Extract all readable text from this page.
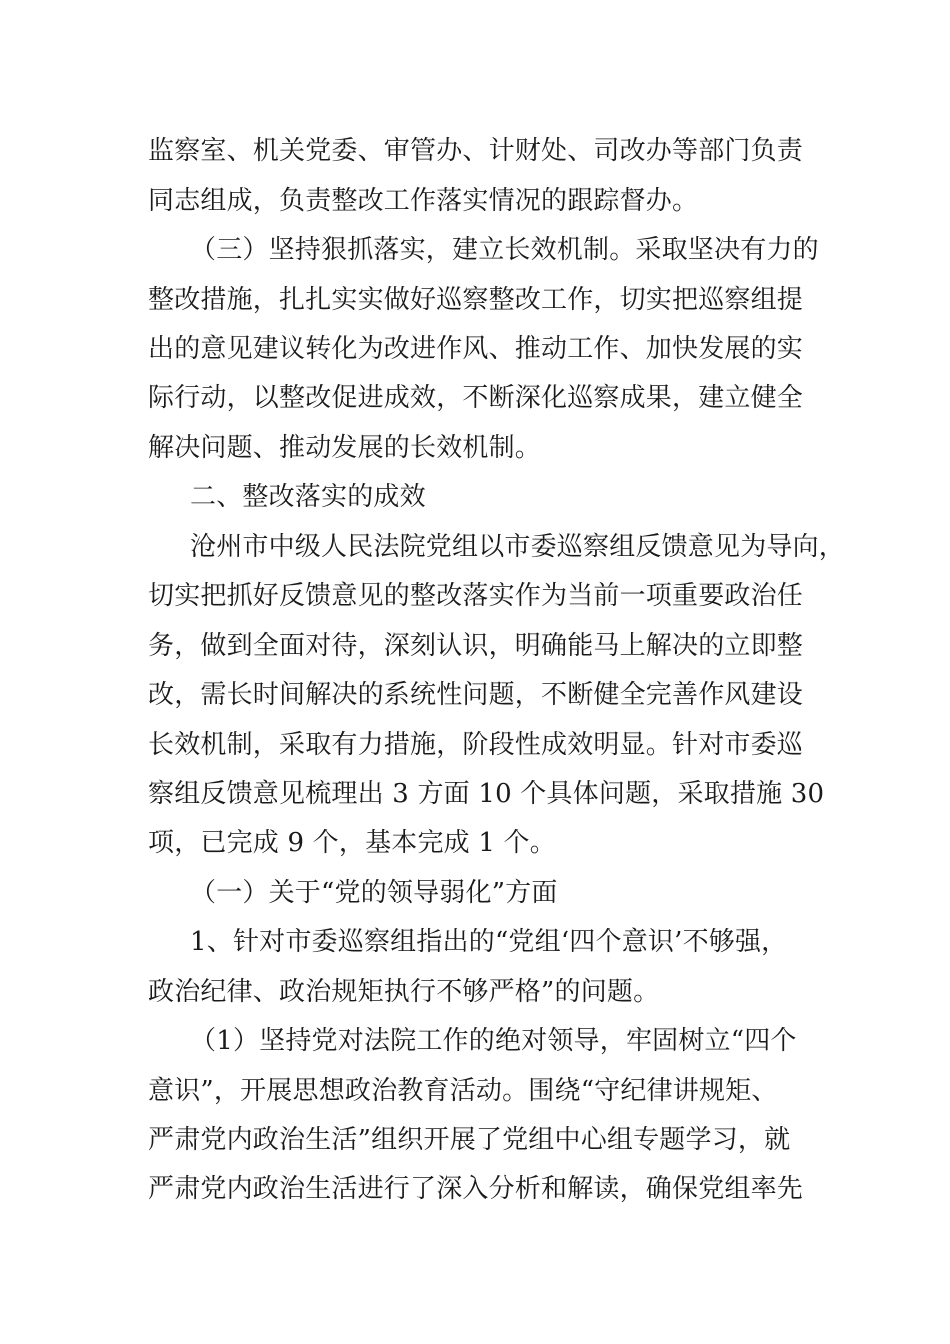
监察室、机关党委、审管办、计财处、司改办等部门负责
同志组成，负责整改工作落实情况的跟踪督办。
（三）坚持狠抓落实，建立长效机制。采取坚决有力的
整改措施，扎扎实实做好巡察整改工作，切实把巡察组提
出的意见建议转化为改进作风、推动工作、加快发展的实
际行动，以整改促进成效，不断深化巡察成果，建立健全
解决问题、推动发展的长效机制。
二、整改落实的成效
沧州市中级人民法院党组以市委巡察组反馈意见为导向，
切实把抓好反馈意见的整改落实作为当前一项重要政治任
务，做到全面对待，深刻认识，明确能马上解决的立即整
改，需长时间解决的系统性问题，不断健全完善作风建设
长效机制，采取有力措施，阶段性成效明显。针对市委巡
察组反馈意见梳理出 3 方面 10 个具体问题，采取措施 30
项，已完成 9 个，基本完成 1 个。
（一）关于“党的领导弱化”方面
1、针对市委巡察组指出的“党组‘四个意识’不够强，
政治纪律、政治规矩执行不够严格”的问题。
（1）坚持党对法院工作的绝对领导，牢固树立“四个
意识”，开展思想政治教育活动。围绕“守纪律讲规矩、
严肃党内政治生活”组织开展了党组中心组专题学习，就
严肃党内政治生活进行了深入分析和解读，确保党组率先
